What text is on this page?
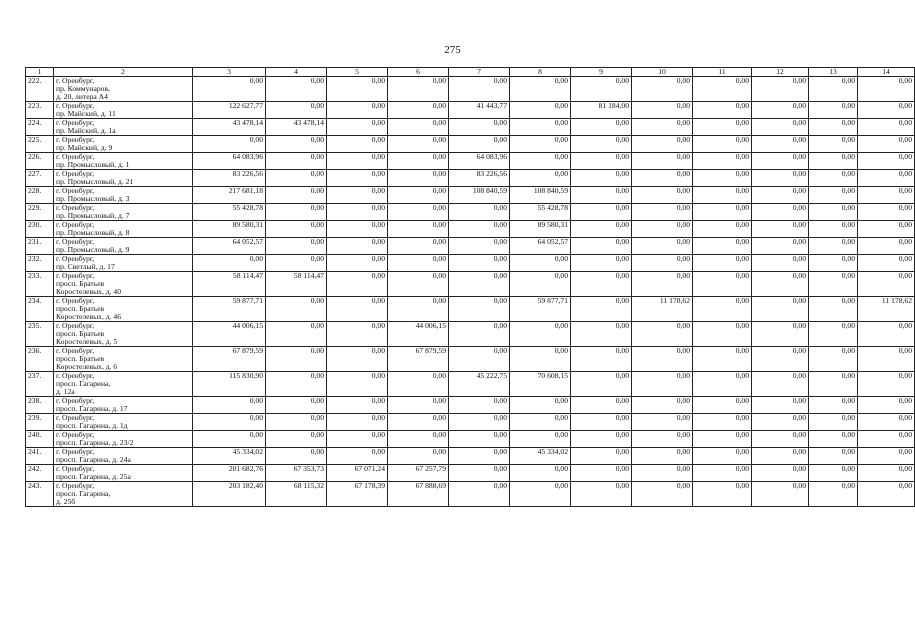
275
1	2	3	4	5	6	7	8	9	10	11	12	13	14
222.	г. Оренбург,
пр. Коммунаров,
д. 20, литера А4	0,00	0,00	0,00	0,00	0,00	0,00	0,00	0,00	0,00	0,00	0,00	0,00
223.	г. Оренбург,
пр. Майский, д. 11	122 627,77	0,00	0,00	0,00	41 443,77	0,00	81 184,00	0,00	0,00	0,00	0,00	0,00
224.	г. Оренбург,
пр. Майский, д. 1а	43 478,14	43 478,14	0,00	0,00	0,00	0,00	0,00	0,00	0,00	0,00	0,00	0,00
225.	г. Оренбург,
пр. Майский, д. 9	0,00	0,00	0,00	0,00	0,00	0,00	0,00	0,00	0,00	0,00	0,00	0,00
226.	г. Оренбург,
пр. Промысловый, д. 1	64 083,96	0,00	0,00	0,00	64 083,96	0,00	0,00	0,00	0,00	0,00	0,00	0,00
227.	г. Оренбург,
пр. Промысловый, д. 21	83 226,56	0,00	0,00	0,00	83 226,56	0,00	0,00	0,00	0,00	0,00	0,00	0,00
228.	г. Оренбург,
пр. Промысловый, д. 3	217 681,18	0,00	0,00	0,00	108 840,59	108 840,59	0,00	0,00	0,00	0,00	0,00	0,00
229.	г. Оренбург,
пр. Промысловый, д. 7	55 428,78	0,00	0,00	0,00	0,00	55 428,78	0,00	0,00	0,00	0,00	0,00	0,00
230.	г. Оренбург,
пр. Промысловый, д. 8	89 580,31	0,00	0,00	0,00	0,00	89 580,31	0,00	0,00	0,00	0,00	0,00	0,00
231.	г. Оренбург,
пр. Промысловый, д. 9	64 052,57	0,00	0,00	0,00	0,00	64 052,57	0,00	0,00	0,00	0,00	0,00	0,00
232.	г. Оренбург,
пр. Светлый, д. 17	0,00	0,00	0,00	0,00	0,00	0,00	0,00	0,00	0,00	0,00	0,00	0,00
233.	г. Оренбург,
просп. Братьев
Коростелевых, д. 40	58 114,47	58 114,47	0,00	0,00	0,00	0,00	0,00	0,00	0,00	0,00	0,00	0,00
234.	г. Оренбург,
просп. Братьев
Коростелевых, д. 46	59 877,71	0,00	0,00	0,00	0,00	59 877,71	0,00	11 178,62	0,00	0,00	0,00	11 178,62
235.	г. Оренбург,
просп. Братьев
Коростелевых, д. 5	44 006,15	0,00	0,00	44 006,15	0,00	0,00	0,00	0,00	0,00	0,00	0,00	0,00
236.	г. Оренбург,
просп. Братьев
Коростелевых, д. 6	67 879,59	0,00	0,00	67 879,59	0,00	0,00	0,00	0,00	0,00	0,00	0,00	0,00
237.	г. Оренбург,
просп. Гагарина,
д. 12а	115 830,90	0,00	0,00	0,00	45 222,75	70 608,15	0,00	0,00	0,00	0,00	0,00	0,00
238.	г. Оренбург,
просп. Гагарина, д. 17	0,00	0,00	0,00	0,00	0,00	0,00	0,00	0,00	0,00	0,00	0,00	0,00
239.	г. Оренбург,
просп. Гагарина, д. 1д	0,00	0,00	0,00	0,00	0,00	0,00	0,00	0,00	0,00	0,00	0,00	0,00
240.	г. Оренбург,
просп. Гагарина, д. 23/2	0,00	0,00	0,00	0,00	0,00	0,00	0,00	0,00	0,00	0,00	0,00	0,00
241.	г. Оренбург,
просп. Гагарина, д. 24а	45 334,02	0,00	0,00	0,00	0,00	45 334,02	0,00	0,00	0,00	0,00	0,00	0,00
242.	г. Оренбург,
просп. Гагарина, д. 25а	201 682,76	67 353,73	67 071,24	67 257,79	0,00	0,00	0,00	0,00	0,00	0,00	0,00	0,00
243.	г. Оренбург,
просп. Гагарина,
д. 25б	203 182,40	68 115,32	67 178,39	67 888,69	0,00	0,00	0,00	0,00	0,00	0,00	0,00	0,00
